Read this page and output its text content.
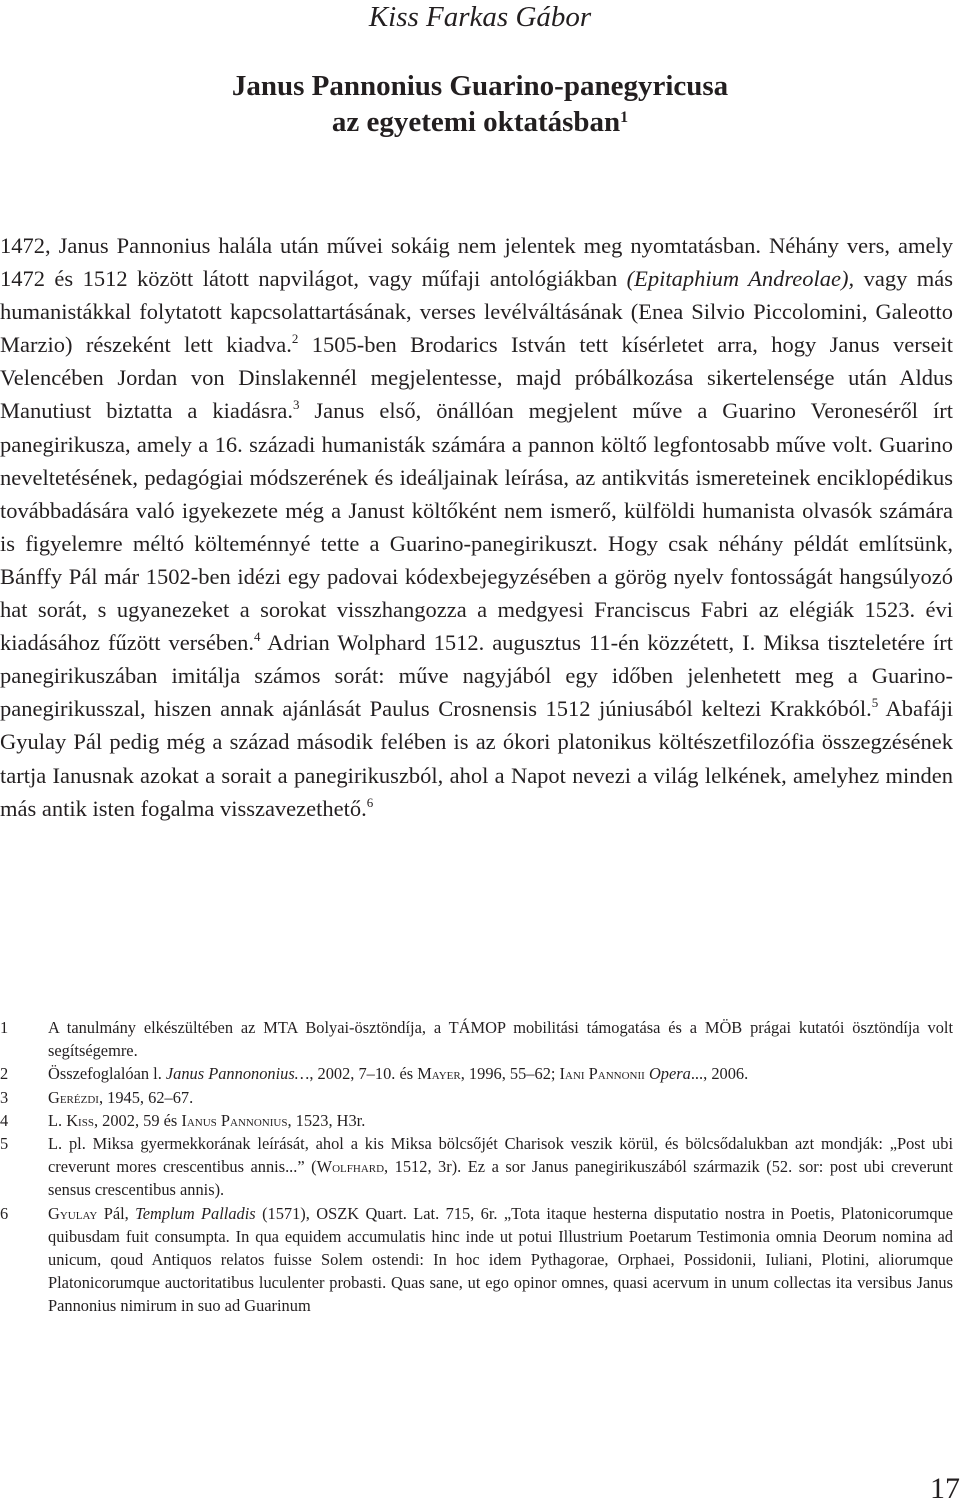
Kiss Farkas Gábor
Janus Pannonius Guarino-panegyricusa
az egyetemi oktatásban$^1$
1472, Janus Pannonius halála után művei sokáig nem jelentek meg nyomtatásban. Néhány vers, amely 1472 és 1512 között látott napvilágot, vagy műfaji antológiákban (Epitaphium Andreolae), vagy más humanistákkal folytatott kapcsolattartásának, verses levélváltásának (Enea Silvio Piccolomini, Galeotto Marzio) részeként lett kiadva.$^2$ 1505-ben Brodarics István tett kísérletet arra, hogy Janus verseit Velencében Jordan von Dinslakennél megjelentesse, majd próbálkozása sikertelensége után Aldus Manutiust biztatta a kiadásra.$^3$ Janus első, önállóan megjelent műve a Guarino Veroneséről írt panegirikusza, amely a 16. századi humanisták számára a pannon költő legfontosabb műve volt. Guarino neveltetésének, pedagógiai módszerének és ideáljainak leírása, az antikvitás ismereteinek enciklopédikus továbbadására való igyekezete még a Janust költőként nem ismerő, külföldi humanista olvasók számára is figyelemre méltó költeménnyé tette a Guarino-panegirikuszt. Hogy csak néhány példát említsünk, Bánffy Pál már 1502-ben idézi egy padovai kódexbejegyzésében a görög nyelv fontosságát hangsúlyozó hat sorát, s ugyanezeket a sorokat visszhangozza a medgyesi Franciscus Fabri az elégiák 1523. évi kiadásához fűzött versében.$^4$ Adrian Wolphard 1512. augusztus 11-én közzétett, I. Miksa tiszteletére írt panegirikuszában imitálja számos sorát: műve nagyjából egy időben jelenhetett meg a Guarino-panegirikusszal, hiszen annak ajánlását Paulus Crosnensis 1512 júniusából keltezi Krakkóból.$^5$ Abafáji Gyulay Pál pedig még a század második felében is az ókori platonikus költészetfilozófia összegzésének tartja Ianusnak azokat a sorait a panegirikuszból, ahol a Napot nevezi a világ lelkének, amelyhez minden más antik isten fogalma visszavezethető.$^6$
1	A tanulmány elkészültében az MTA Bolyai-ösztöndíja, a TÁMOP mobilitási támogatása és a MÖB prágai kutatói ösztöndíja volt segítségemre.
2	Összefoglalóan l. Janus Pannononius…, 2002, 7–10. és Mayer, 1996, 55–62; Iani Pannonii Opera..., 2006.
3	Gerézdi, 1945, 62–67.
4	L. Kiss, 2002, 59 és Ianus Pannonius, 1523, H3r.
5	L. pl. Miksa gyermekkorának leírását, ahol a kis Miksa bölcsőjét Charisok veszik körül, és bölcsődalukban azt mondják: „Post ubi creverunt mores crescentibus annis...” (Wolfhard, 1512, 3r). Ez a sor Janus panegirikuszából származik (52. sor: post ubi creverunt sensus crescentibus annis).
6	Gyulay Pál, Templum Palladis (1571), OSZK Quart. Lat. 715, 6r. „Tota itaque hesterna disputatio nostra in Poetis, Platonicorumque quibusdam fuit consumpta. In qua equidem accumulatis hinc inde ut potui Illustrium Poetarum Testimonia omnia Deorum nomina ad unicum, qoud Antiquos relatos fuisse Solem ostendi: In hoc idem Pythagorae, Orphaei, Possidonii, Iuliani, Plotini, aliorumque Platonicorumque auctoritatibus luculenter probasti. Quas sane, ut ego opinor omnes, quasi acervum in unum collectas ita versibus Janus Pannonius nimirum in suo ad Guarinum
17
